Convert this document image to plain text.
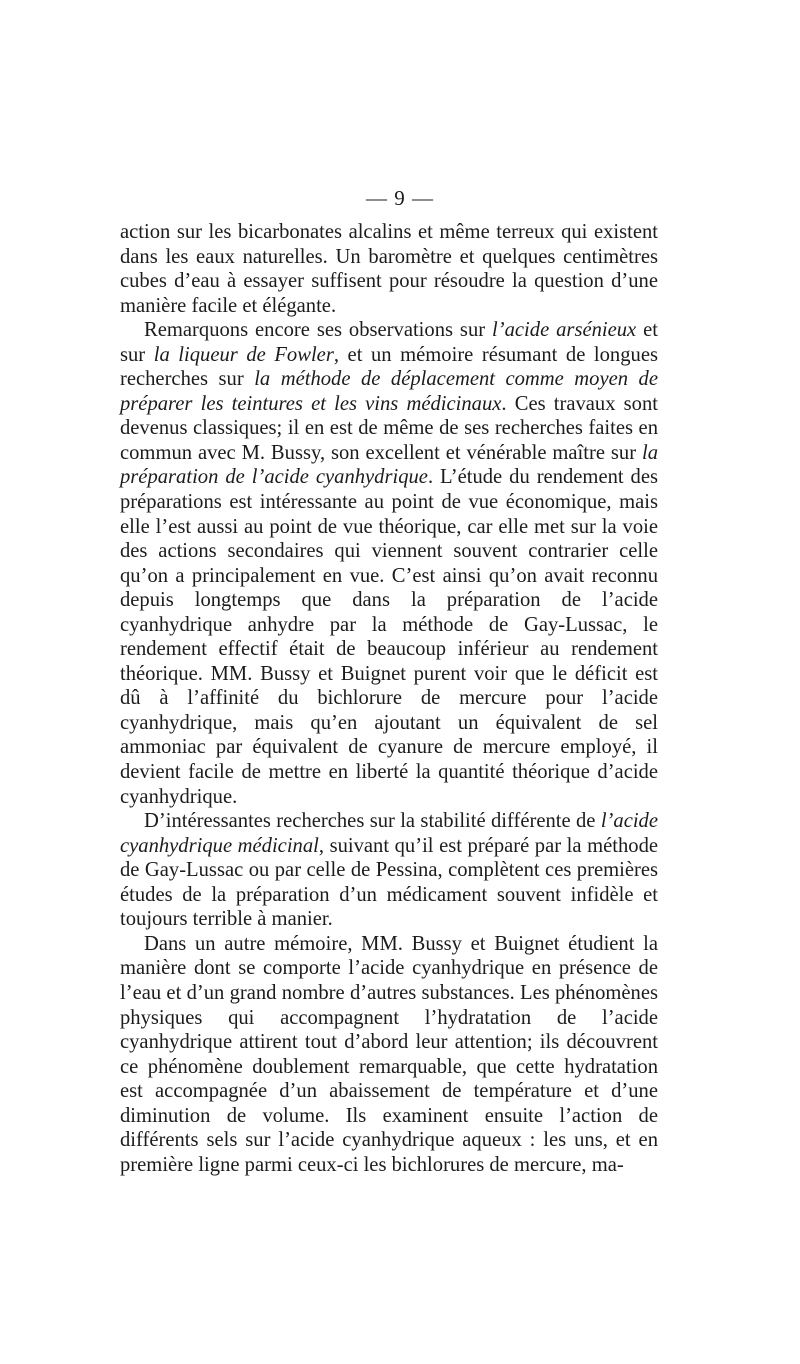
— 9 —

action sur les bicarbonates alcalins et même terreux qui existent dans les eaux naturelles. Un baromètre et quelques centimètres cubes d’eau à essayer suffisent pour résoudre la question d’une manière facile et élégante.

Remarquons encore ses observations sur l’acide arsénieux et sur la liqueur de Fowler, et un mémoire résumant de longues recherches sur la méthode de déplacement comme moyen de préparer les teintures et les vins médicinaux. Ces travaux sont devenus classiques; il en est de même de ses recherches faites en commun avec M. Bussy, son excellent et vénérable maître sur la préparation de l’acide cyanhydrique. L’étude du rendement des préparations est intéressante au point de vue économique, mais elle l’est aussi au point de vue théorique, car elle met sur la voie des actions secondaires qui viennent souvent contrarier celle qu’on a principalement en vue. C’est ainsi qu’on avait reconnu depuis longtemps que dans la préparation de l’acide cyanhydrique anhydre par la méthode de Gay-Lussac, le rendement effectif était de beaucoup inférieur au rendement théorique. MM. Bussy et Buignet purent voir que le déficit est dû à l’affinité du bichlorure de mercure pour l’acide cyanhydrique, mais qu’en ajoutant un équivalent de sel ammoniac par équivalent de cyanure de mercure employé, il devient facile de mettre en liberté la quantité théorique d’acide cyanhydrique.

D’intéressantes recherches sur la stabilité différente de l’acide cyanhydrique médicinal, suivant qu’il est préparé par la méthode de Gay-Lussac ou par celle de Pessina, complètent ces premières études de la préparation d’un médicament souvent infidèle et toujours terrible à manier.

Dans un autre mémoire, MM. Bussy et Buignet étudient la manière dont se comporte l’acide cyanhydrique en présence de l’eau et d’un grand nombre d’autres substances. Les phénomènes physiques qui accompagnent l’hydratation de l’acide cyanhydrique attirent tout d’abord leur attention; ils découvrent ce phénomène doublement remarquable, que cette hydratation est accompagnée d’un abaissement de température et d’une diminution de volume. Ils examinent ensuite l’action de différents sels sur l’acide cyanhydrique aqueux : les uns, et en première ligne parmi ceux-ci les bichlorures de mercure, ma-
